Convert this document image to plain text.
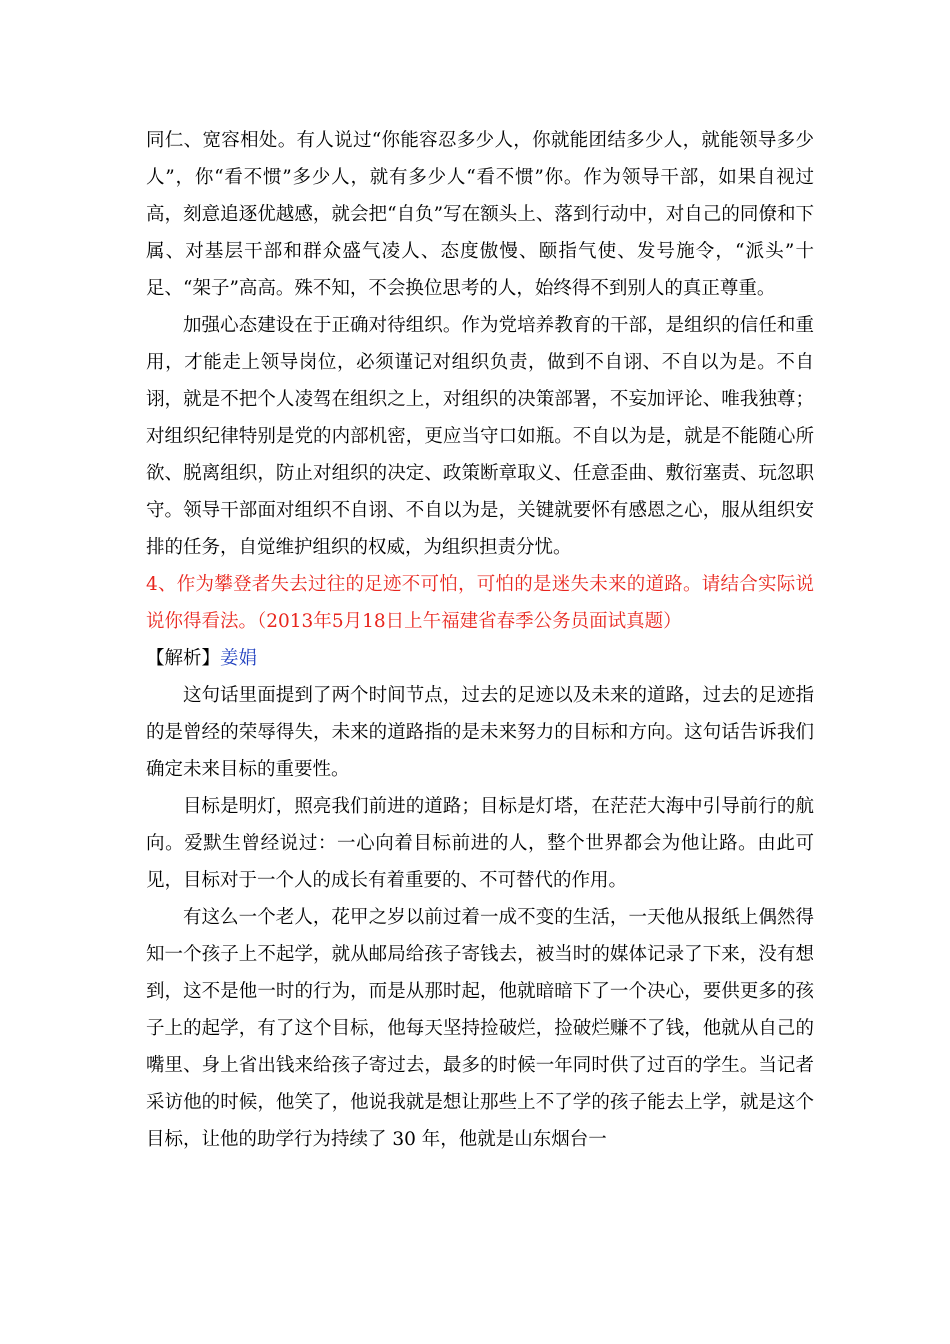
同仁、宽容相处。有人说过“你能容忍多少人，你就能团结多少人，就能领导多少人”，你“看不惯”多少人，就有多少人“看不惯”你。作为领导干部，如果自视过高，刻意追逐优越感，就会把“自负”写在额头上、落到行动中，对自己的同僚和下属、对基层干部和群众盛气凌人、态度傲慢、颐指气使、发号施令，“派头”十足、“架子”高高。殊不知，不会换位思考的人，始终得不到别人的真正尊重。

加强心态建设在于正确对待组织。作为党培养教育的干部，是组织的信任和重用，才能走上领导岗位，必须谨记对组织负责，做到不自诩、不自以为是。不自诩，就是不把个人凌驾在组织之上，对组织的决策部署，不妄加评论、唯我独尊；对组织纪律特别是党的内部机密，更应当守口如瓶。不自以为是，就是不能随心所欲、脱离组织，防止对组织的决定、政策断章取义、任意歪曲、敷衍塞责、玩忽职守。领导干部面对组织不自诩、不自以为是，关键就要怀有感恩之心，服从组织安排的任务，自觉维护组织的权威，为组织担责分忧。

4、作为攀登者失去过往的足迹不可怕，可怕的是迷失未来的道路。请结合实际说说你得看法。（2013年5月18日上午福建省春季公务员面试真题）

【解析】姜娟

这句话里面提到了两个时间节点，过去的足迹以及未来的道路，过去的足迹指的是曾经的荣辱得失，未来的道路指的是未来努力的目标和方向。这句话告诉我们确定未来目标的重要性。

目标是明灯，照亮我们前进的道路；目标是灯塔，在茫茫大海中引导前行的航向。爱默生曾经说过：一心向着目标前进的人，整个世界都会为他让路。由此可见，目标对于一个人的成长有着重要的、不可替代的作用。

有这么一个老人，花甲之岁以前过着一成不变的生活，一天他从报纸上偶然得知一个孩子上不起学，就从邮局给孩子寄钱去，被当时的媒体记录了下来，没有想到，这不是他一时的行为，而是从那时起，他就暗暗下了一个决心，要供更多的孩子上的起学，有了这个目标，他每天坚持捡破烂，捡破烂赚不了钱，他就从自己的嘴里、身上省出钱来给孩子寄过去，最多的时候一年同时供了过百的学生。当记者采访他的时候，他笑了，他说我就是想让那些上不了学的孩子能去上学，就是这个目标，让他的助学行为持续了 30 年，他就是山东烟台一
